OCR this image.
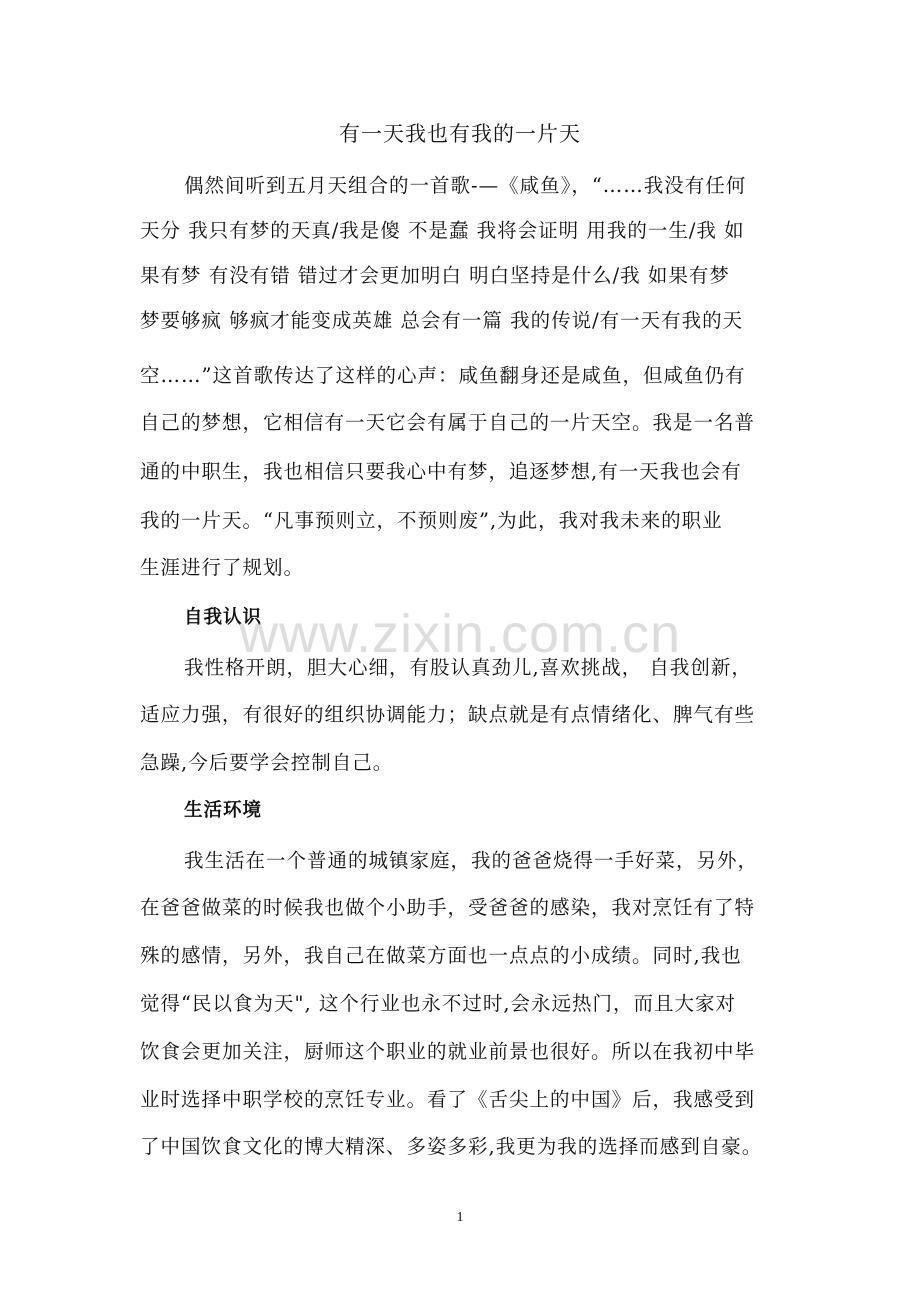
有一天我也有我的一片天
偶然间听到五月天组合的一首歌-—《咸鱼》，“……我没有任何
天分 我只有梦的天真/我是傻 不是蠢 我将会证明 用我的一生/我 如
果有梦 有没有错 错过才会更加明白 明白坚持是什么/我 如果有梦
梦要够疯 够疯才能变成英雄 总会有一篇 我的传说/有一天有我的天
空……”这首歌传达了这样的心声：咸鱼翻身还是咸鱼，但咸鱼仍有
自己的梦想，它相信有一天它会有属于自己的一片天空。我是一名普
通的中职生，我也相信只要我心中有梦，追逐梦想,有一天我也会有
我的一片天。“凡事预则立，不预则废”,为此，我对我未来的职业
生涯进行了规划。
自我认识
www.zixin.com.cn
我性格开朗，胆大心细，有股认真劲儿,喜欢挑战， 自我创新，
适应力强，有很好的组织协调能力；缺点就是有点情绪化、脾气有些
急躁,今后要学会控制自己。
生活环境
我生活在一个普通的城镇家庭，我的爸爸烧得一手好菜，另外，
在爸爸做菜的时候我也做个小助手，受爸爸的感染，我对烹饪有了特
殊的感情，另外，我自己在做菜方面也一点点的小成绩。同时,我也
觉得“民以食为天", 这个行业也永不过时,会永远热门，而且大家对
饮食会更加关注，厨师这个职业的就业前景也很好。所以在我初中毕
业时选择中职学校的烹饪专业。看了《舌尖上的中国》后，我感受到
了中国饮食文化的博大精深、多姿多彩,我更为我的选择而感到自豪。
1
